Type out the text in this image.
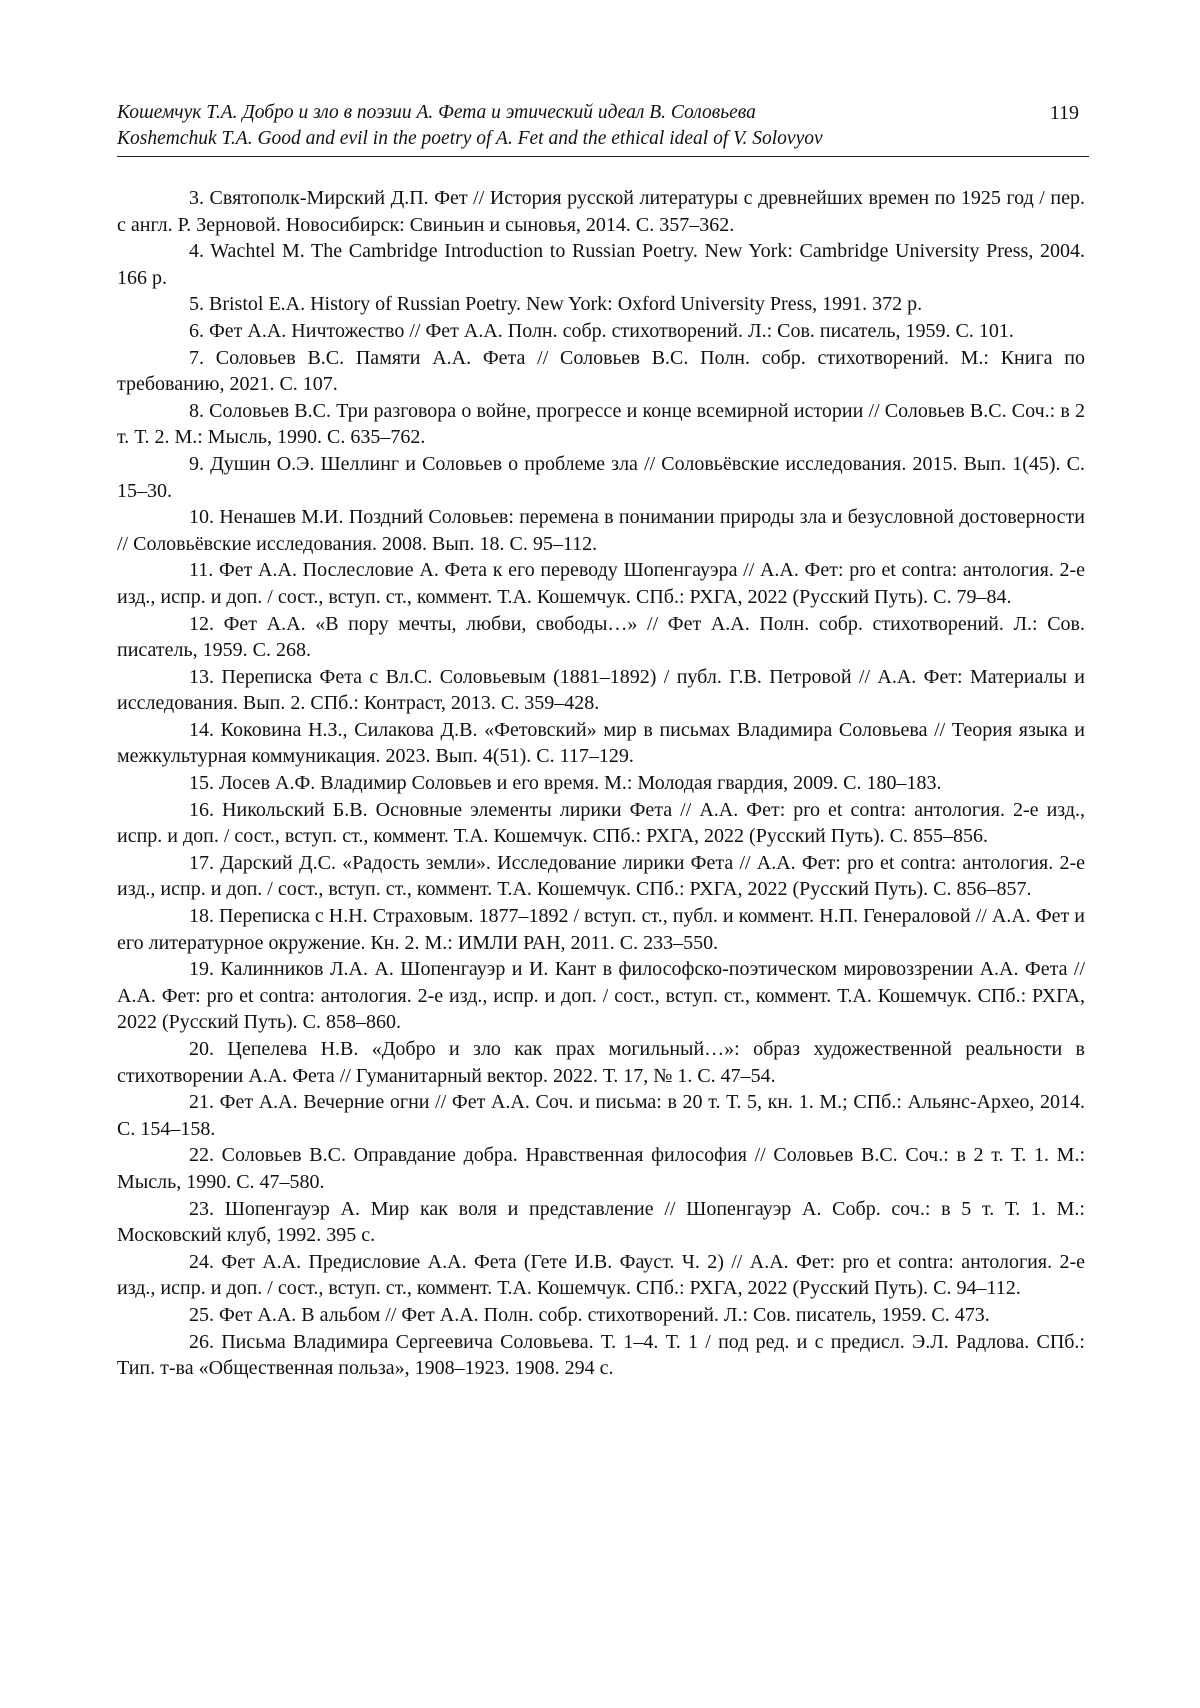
Кошемчук Т.А. Добро и зло в поэзии А. Фета и этический идеал В. Соловьева	119
Koshemchuk T.A. Good and evil in the poetry of A. Fet and the ethical ideal of V. Solovyov

3. Святополк-Мирский Д.П. Фет // История русской литературы с древнейших времен по 1925 год / пер. с англ. Р. Зерновой. Новосибирск: Свиньин и сыновья, 2014. С. 357–362.

4. Wachtel M. The Cambridge Introduction to Russian Poetry. New York: Cambridge University Press, 2004. 166 p.

5. Bristol E.A. History of Russian Poetry. New York: Oxford University Press, 1991. 372 p.

6. Фет А.А. Ничтожество // Фет А.А. Полн. собр. стихотворений. Л.: Сов. писатель, 1959. С. 101.

7. Соловьев В.С. Памяти А.А. Фета // Соловьев В.С. Полн. собр. стихотворений. М.: Книга по требованию, 2021. С. 107.

8. Соловьев В.С. Три разговора о войне, прогрессе и конце всемирной истории // Соловьев В.С. Соч.: в 2 т. Т. 2. М.: Мысль, 1990. С. 635–762.

9. Душин О.Э. Шеллинг и Соловьев о проблеме зла // Соловьёвские исследования. 2015. Вып. 1(45). С. 15–30.

10. Ненашев М.И. Поздний Соловьев: перемена в понимании природы зла и безусловной достоверности // Соловьёвские исследования. 2008. Вып. 18. С. 95–112.

11. Фет А.А. Послесловие А. Фета к его переводу Шопенгауэра // А.А. Фет: pro et contra: антология. 2-е изд., испр. и доп. / сост., вступ. ст., коммент. Т.А. Кошемчук. СПб.: РХГА, 2022 (Русский Путь). С. 79–84.

12. Фет А.А. «В пору мечты, любви, свободы…» // Фет А.А. Полн. собр. стихотворений. Л.: Сов. писатель, 1959. С. 268.

13. Переписка Фета с Вл.С. Соловьевым (1881–1892) / публ. Г.В. Петровой // А.А. Фет: Материалы и исследования. Вып. 2. СПб.: Контраст, 2013. С. 359–428.

14. Коковина Н.З., Силакова Д.В. «Фетовский» мир в письмах Владимира Соловьева // Теория языка и межкультурная коммуникация. 2023. Вып. 4(51). С. 117–129.

15. Лосев А.Ф. Владимир Соловьев и его время. М.: Молодая гвардия, 2009. С. 180–183.

16. Никольский Б.В. Основные элементы лирики Фета // А.А. Фет: pro et contra: антология. 2-е изд., испр. и доп. / сост., вступ. ст., коммент. Т.А. Кошемчук. СПб.: РХГА, 2022 (Русский Путь). С. 855–856.

17. Дарский Д.С. «Радость земли». Исследование лирики Фета // А.А. Фет: pro et contra: антология. 2-е изд., испр. и доп. / сост., вступ. ст., коммент. Т.А. Кошемчук. СПб.: РХГА, 2022 (Русский Путь). С. 856–857.

18. Переписка с Н.Н. Страховым. 1877–1892 / вступ. ст., публ. и коммент. Н.П. Генераловой // А.А. Фет и его литературное окружение. Кн. 2. М.: ИМЛИ РАН, 2011. С. 233–550.

19. Калинников Л.А. А. Шопенгауэр и И. Кант в философско-поэтическом мировоззрении А.А. Фета // А.А. Фет: pro et contra: антология. 2-е изд., испр. и доп. / сост., вступ. ст., коммент. Т.А. Кошемчук. СПб.: РХГА, 2022 (Русский Путь). С. 858–860.

20. Цепелева Н.В. «Добро и зло как прах могильный…»: образ художественной реальности в стихотворении А.А. Фета // Гуманитарный вектор. 2022. Т. 17, № 1. С. 47–54.

21. Фет А.А. Вечерние огни // Фет А.А. Соч. и письма: в 20 т. Т. 5, кн. 1. М.; СПб.: Альянс-Архео, 2014. С. 154–158.

22. Соловьев В.С. Оправдание добра. Нравственная философия // Соловьев В.С. Соч.: в 2 т. Т. 1. М.: Мысль, 1990. С. 47–580.

23. Шопенгауэр А. Мир как воля и представление // Шопенгауэр А. Собр. соч.: в 5 т. Т. 1. М.: Московский клуб, 1992. 395 с.

24. Фет А.А. Предисловие А.А. Фета (Гете И.В. Фауст. Ч. 2) // А.А. Фет: pro et contra: антология. 2-е изд., испр. и доп. / сост., вступ. ст., коммент. Т.А. Кошемчук. СПб.: РХГА, 2022 (Русский Путь). С. 94–112.

25. Фет А.А. В альбом // Фет А.А. Полн. собр. стихотворений. Л.: Сов. писатель, 1959. С. 473.

26. Письма Владимира Сергеевича Соловьева. Т. 1–4. Т. 1 / под ред. и с предисл. Э.Л. Радлова. СПб.: Тип. т-ва «Общественная польза», 1908–1923. 1908. 294 с.
